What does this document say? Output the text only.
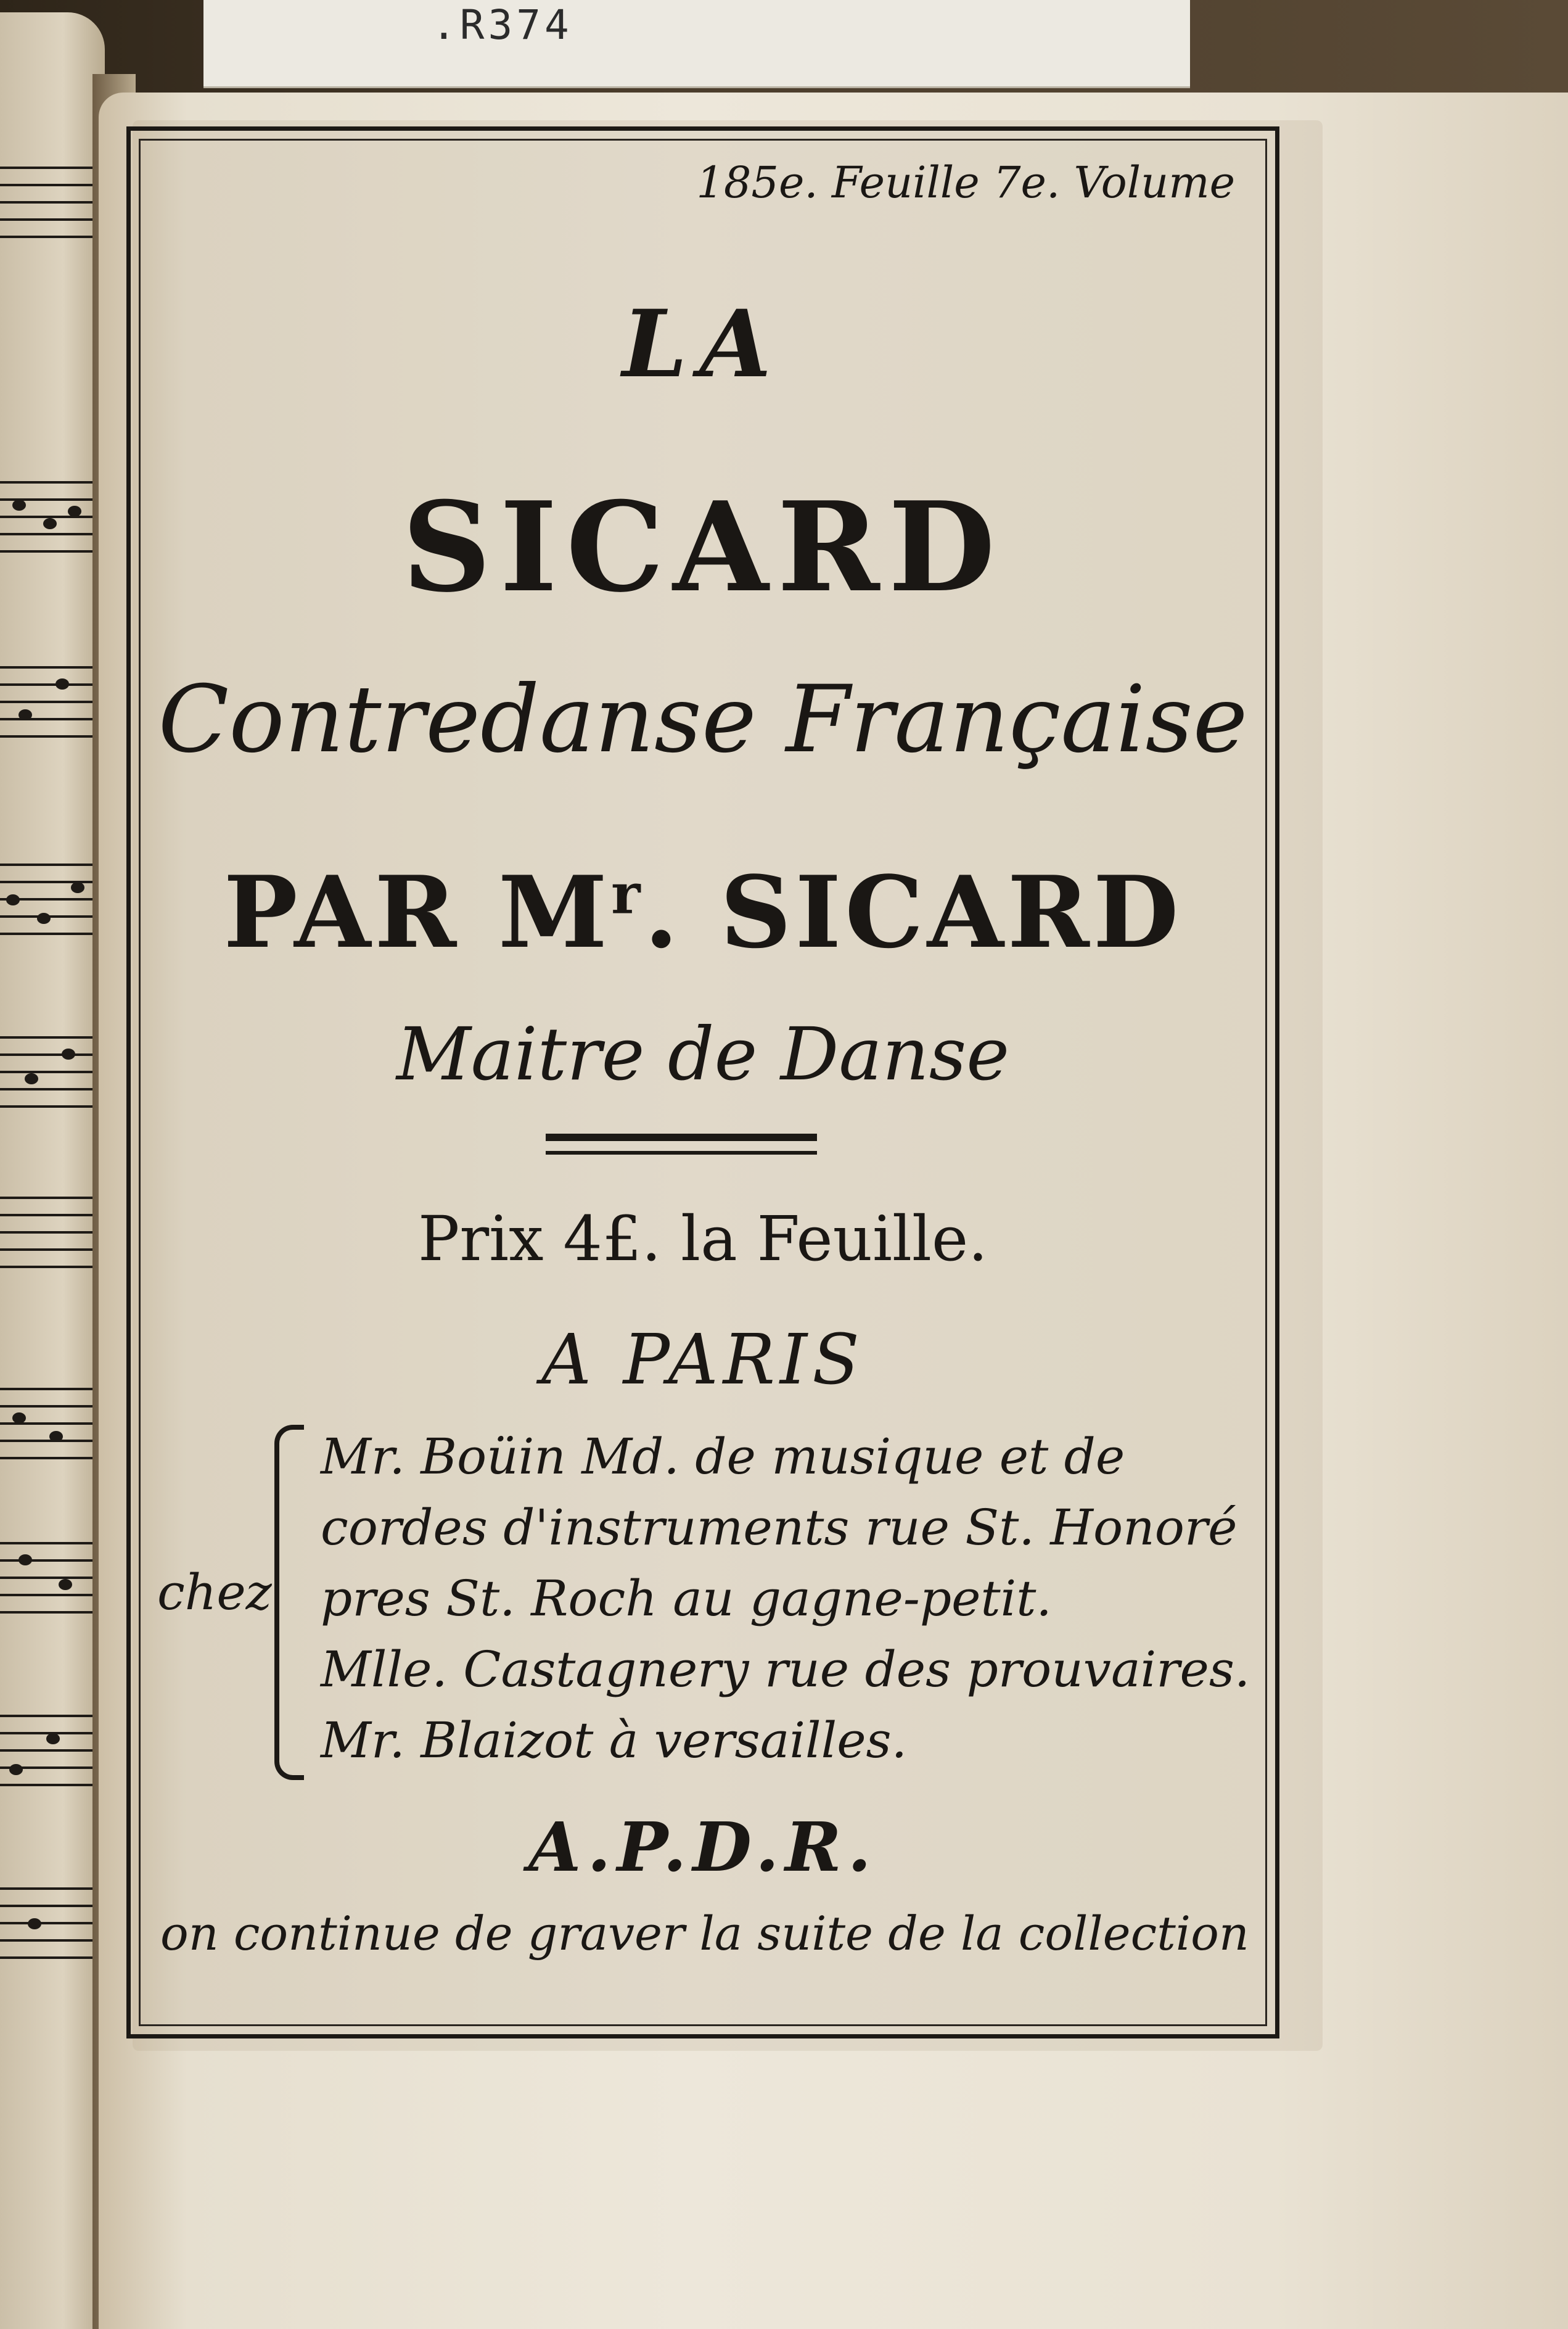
.R374
185e. Feuille 7e. Volume
LA
SICARD
Contredanse Française
PAR $M^r$. SICARD
Maitre de Danse
Prix 4£. la Feuille.
A PARIS
chez
Mr. Boüin Md. de musique et de
cordes d'instruments rue St. Honoré
pres St. Roch au gagne-petit.
Mlle. Castagnery rue des prouvaires.
Mr. Blaizot à versailles.
A.P.D.R.
on continue de graver la suite de la collection
